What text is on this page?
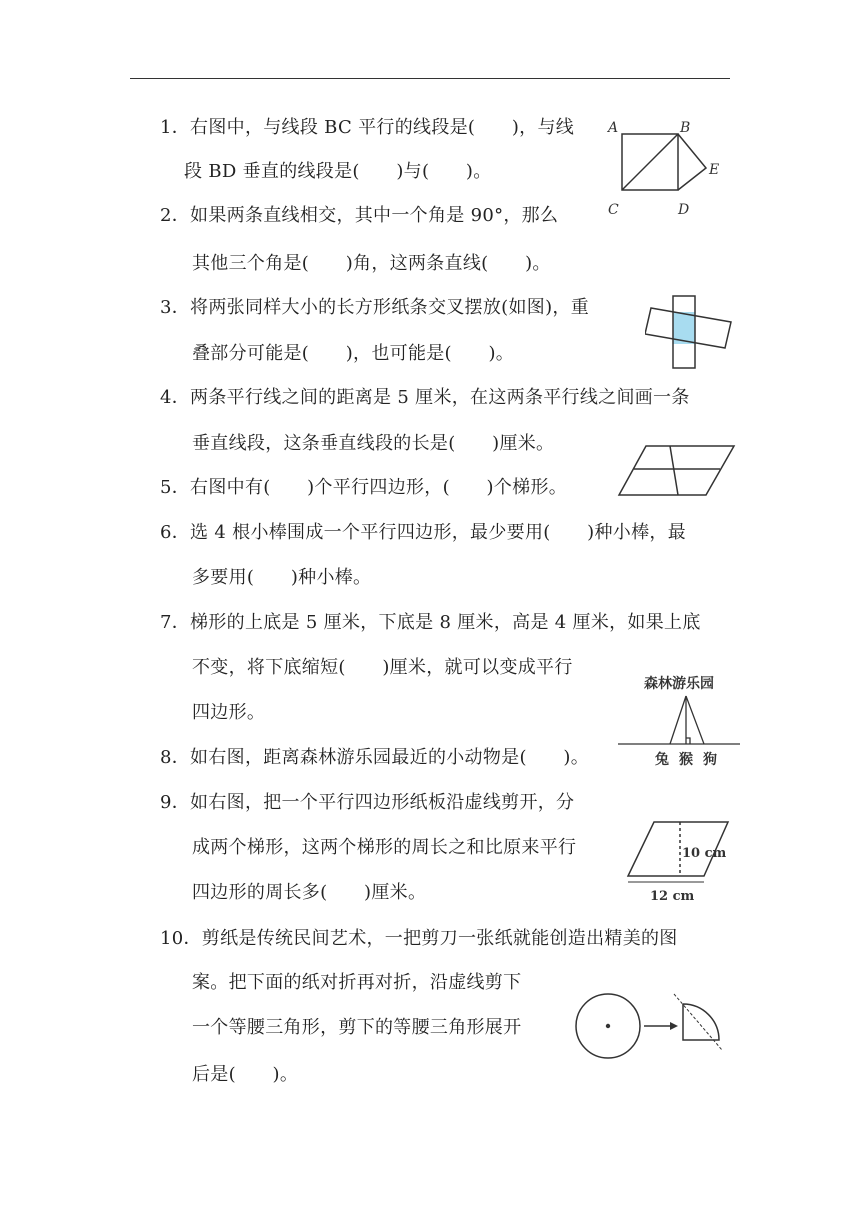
1．右图中，与线段 BC 平行的线段是(　　)，与线
段 BD 垂直的线段是(　　)与(　　)。
2．如果两条直线相交，其中一个角是 90°，那么
其他三个角是(　　)角，这两条直线(　　)。
3．将两张同样大小的长方形纸条交叉摆放(如图)，重
叠部分可能是(　　)，也可能是(　　)。
4．两条平行线之间的距离是 5 厘米，在这两条平行线之间画一条
垂直线段，这条垂直线段的长是(　　)厘米。
5．右图中有(　　)个平行四边形，(　　)个梯形。
6．选 4 根小棒围成一个平行四边形，最少要用(　　)种小棒，最
多要用(　　)种小棒。
7．梯形的上底是 5 厘米，下底是 8 厘米，高是 4 厘米，如果上底
不变，将下底缩短(　　)厘米，就可以变成平行
四边形。
8．如右图，距离森林游乐园最近的小动物是(　　)。
9．如右图，把一个平行四边形纸板沿虚线剪开，分
成两个梯形，这两个梯形的周长之和比原来平行
四边形的周长多(　　)厘米。
10．剪纸是传统民间艺术，一把剪刀一张纸就能创造出精美的图
案。把下面的纸对折再对折，沿虚线剪下
一个等腰三角形，剪下的等腰三角形展开
后是(　　)。
A	B
C	D
E
森林游乐园
兔 猴 狗
10 cm
12 cm
